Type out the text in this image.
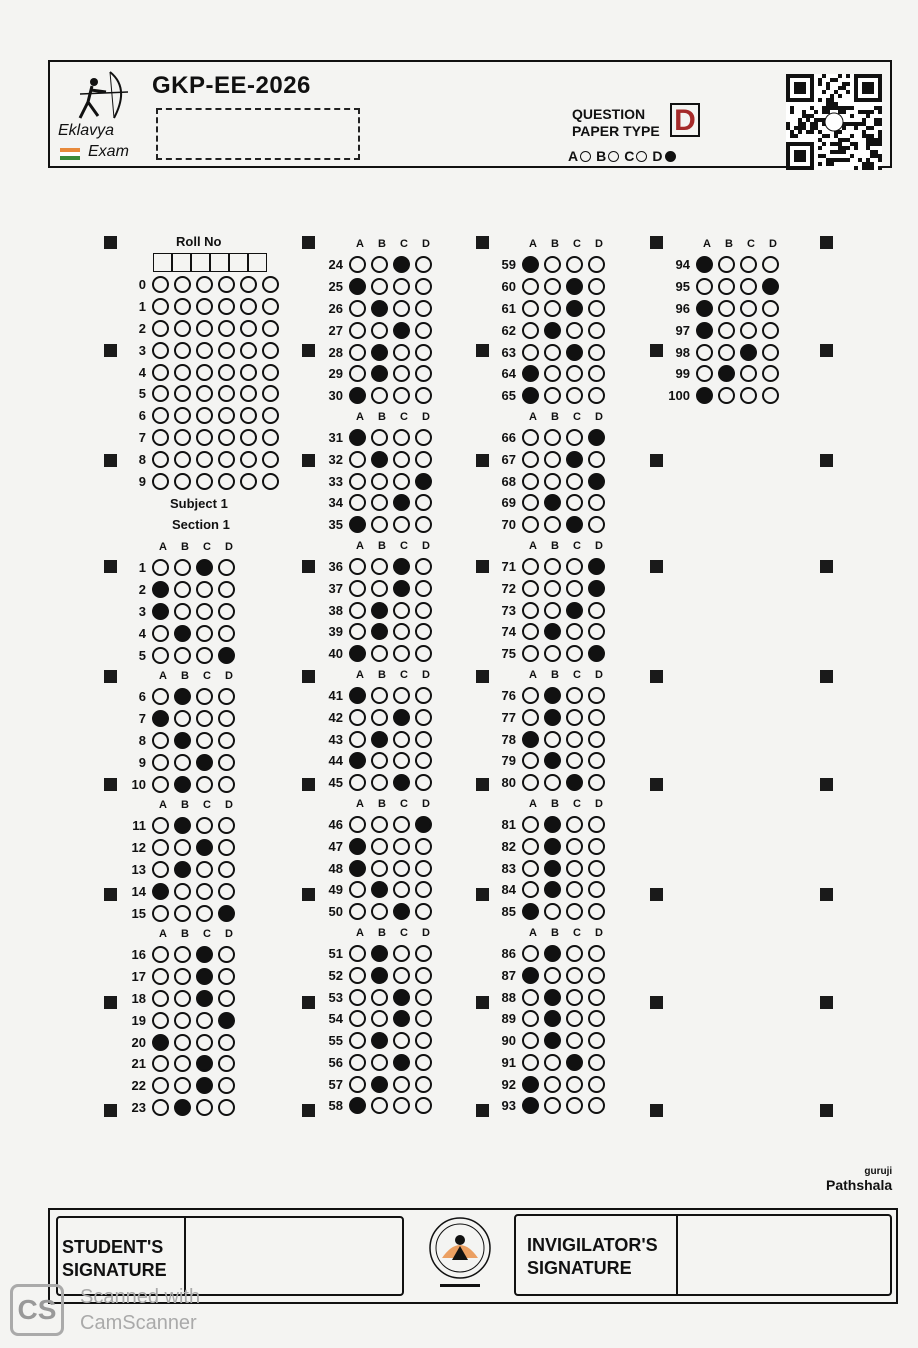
Eklavya
Exam
GKP-EE-2026
QUESTION
PAPER TYPE D
A B C D
Roll No
0
1
2
3
4
5
6
7
8
9
Subject 1
Section 1
A	B	C	D
1
2
3
4
5
A	B	C	D
6
7
8
9
10
A	B	C	D
11
12
13
14
15
A	B	C	D
16
17
18
19
20
21
22
23
A	B	C	D
24
25
26
27
28
29
30
A	B	C	D
31
32
33
34
35
A	B	C	D
36
37
38
39
40
A	B	C	D
41
42
43
44
45
A	B	C	D
46
47
48
49
50
A	B	C	D
51
52
53
54
55
56
57
58
A	B	C	D
59
60
61
62
63
64
65
A	B	C	D
66
67
68
69
70
A	B	C	D
71
72
73
74
75
A	B	C	D
76
77
78
79
80
A	B	C	D
81
82
83
84
85
A	B	C	D
86
87
88
89
90
91
92
93
A	B	C	D
94
95
96
97
98
99
100
guruji
Pathshala
STUDENT'S
SIGNATURE
INVIGILATOR'S
SIGNATURE
CS	Scanned with
CamScanner
